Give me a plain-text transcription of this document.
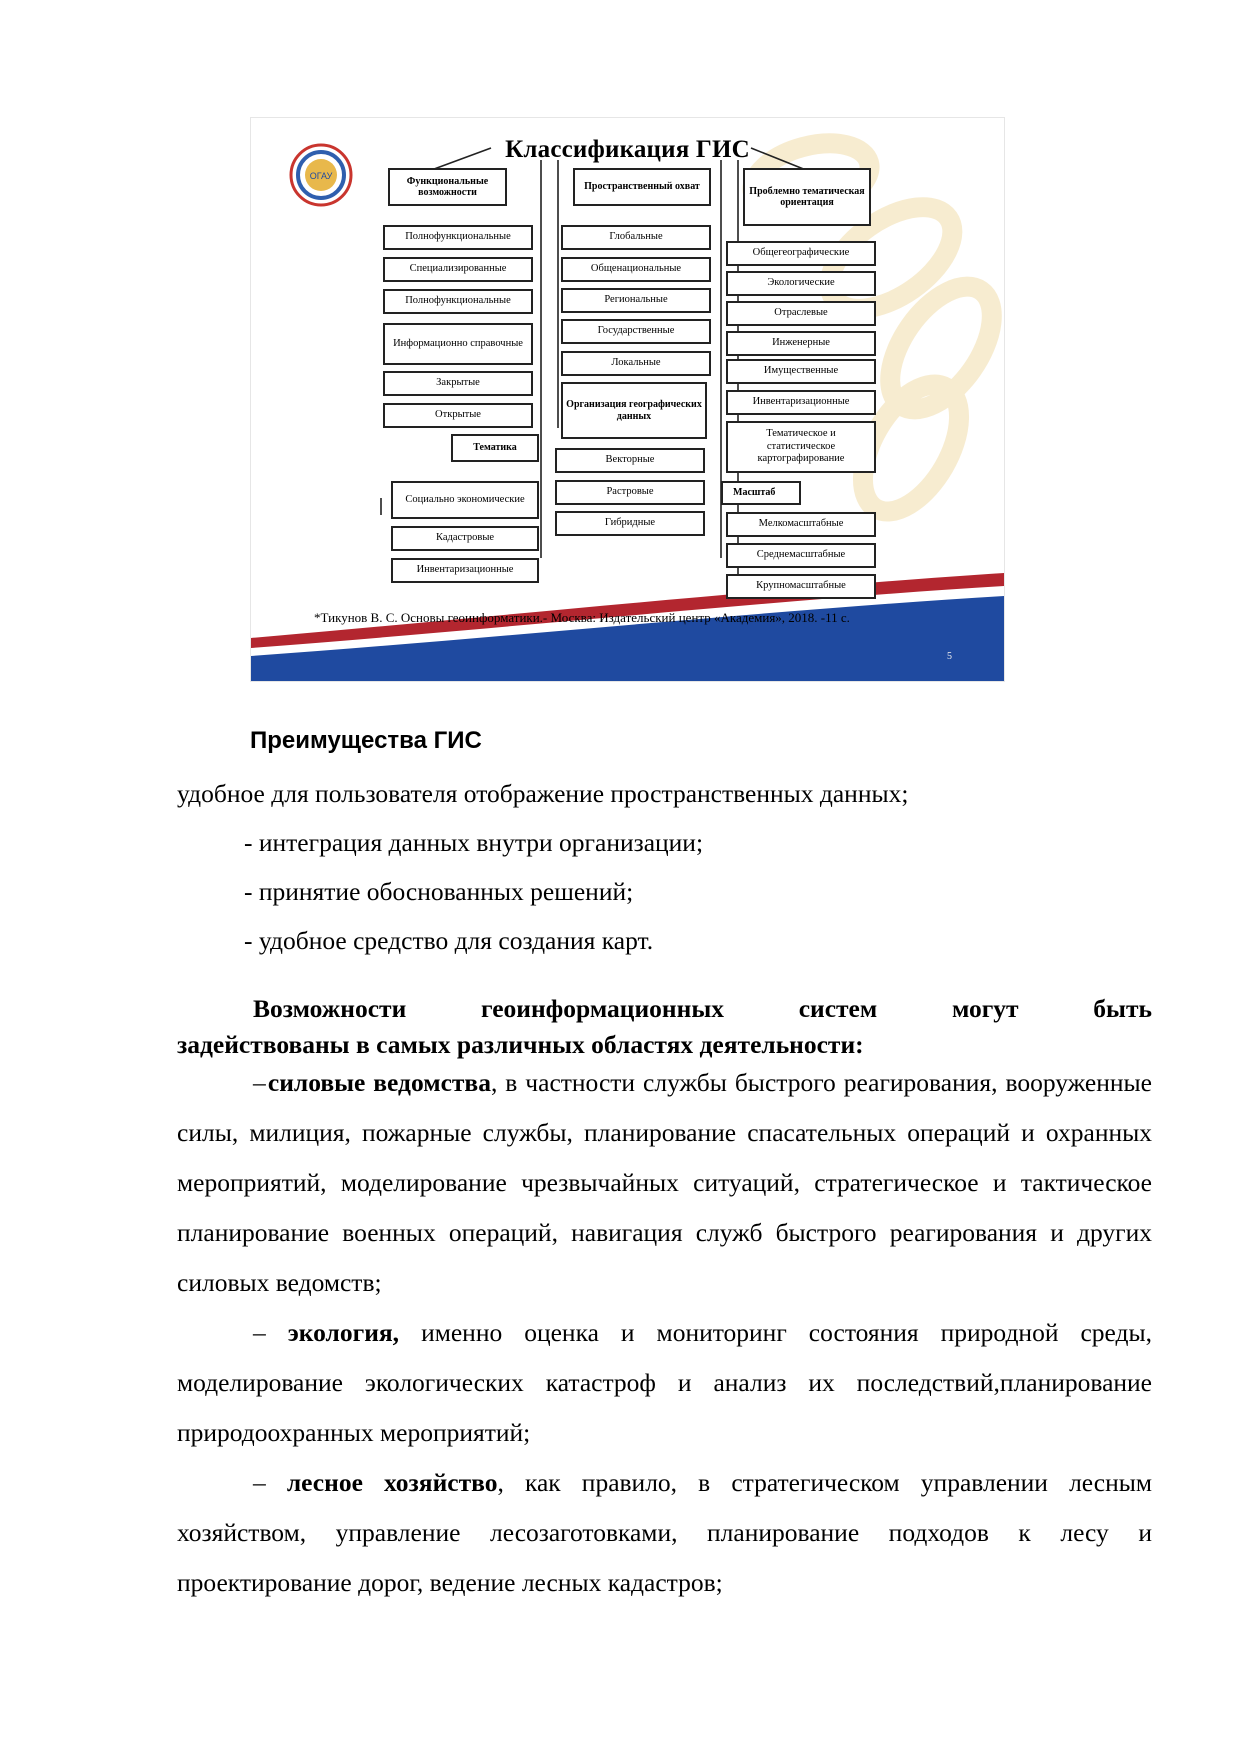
ОГАУ
Классификация ГИС
Функциональные возможности
Полнофункциональные
Специализированные
Полнофункциональные
Информационно справочные
Закрытые
Открытые
Тематика
Социально экономические
Кадастровые
Инвентаризационные
Пространственный охват
Глобальные
Общенациональные
Региональные
Государственные
Локальные
Организация географических данных
Векторные
Растровые
Гибридные
Проблемно тематическая ориентация
Общегеографические
Экологические
Отраслевые
Инженерные
Имущественные
Инвентаризационные
Тематическое и статистическое картографирование
Масштаб
Мелкомасштабные
Среднемасштабные
Крупномасштабные
*Тикунов В. С. Основы геоинформатики.- Москва: Издательский центр «Академия», 2018. -11 с.
5
Преимущества ГИС
удобное для пользователя отображение пространственных данных;
- интеграция данных внутри организации;
- принятие обоснованных решений;
- удобное средство для создания карт.
Возможности	геоинформационных	систем	могут	быть
задействованы в самых различных областях деятельности:
– силовые ведомства, в частности службы быстрого реагирования, вооруженные силы, милиция, пожарные службы, планирование спасательных операций и охранных мероприятий, моделирование чрезвычайных ситуаций, стратегическое и тактическое планирование военных операций, навигация служб быстрого реагирования и других силовых ведомств;
– экология, именно оценка и мониторинг состояния природной среды, моделирование экологических катастроф и анализ их последствий,планирование природоохранных мероприятий;
– лесное хозяйство, как правило, в стратегическом управлении лесным хозяйством, управление лесозаготовками, планирование подходов к лесу и проектирование дорог, ведение лесных кадастров;
